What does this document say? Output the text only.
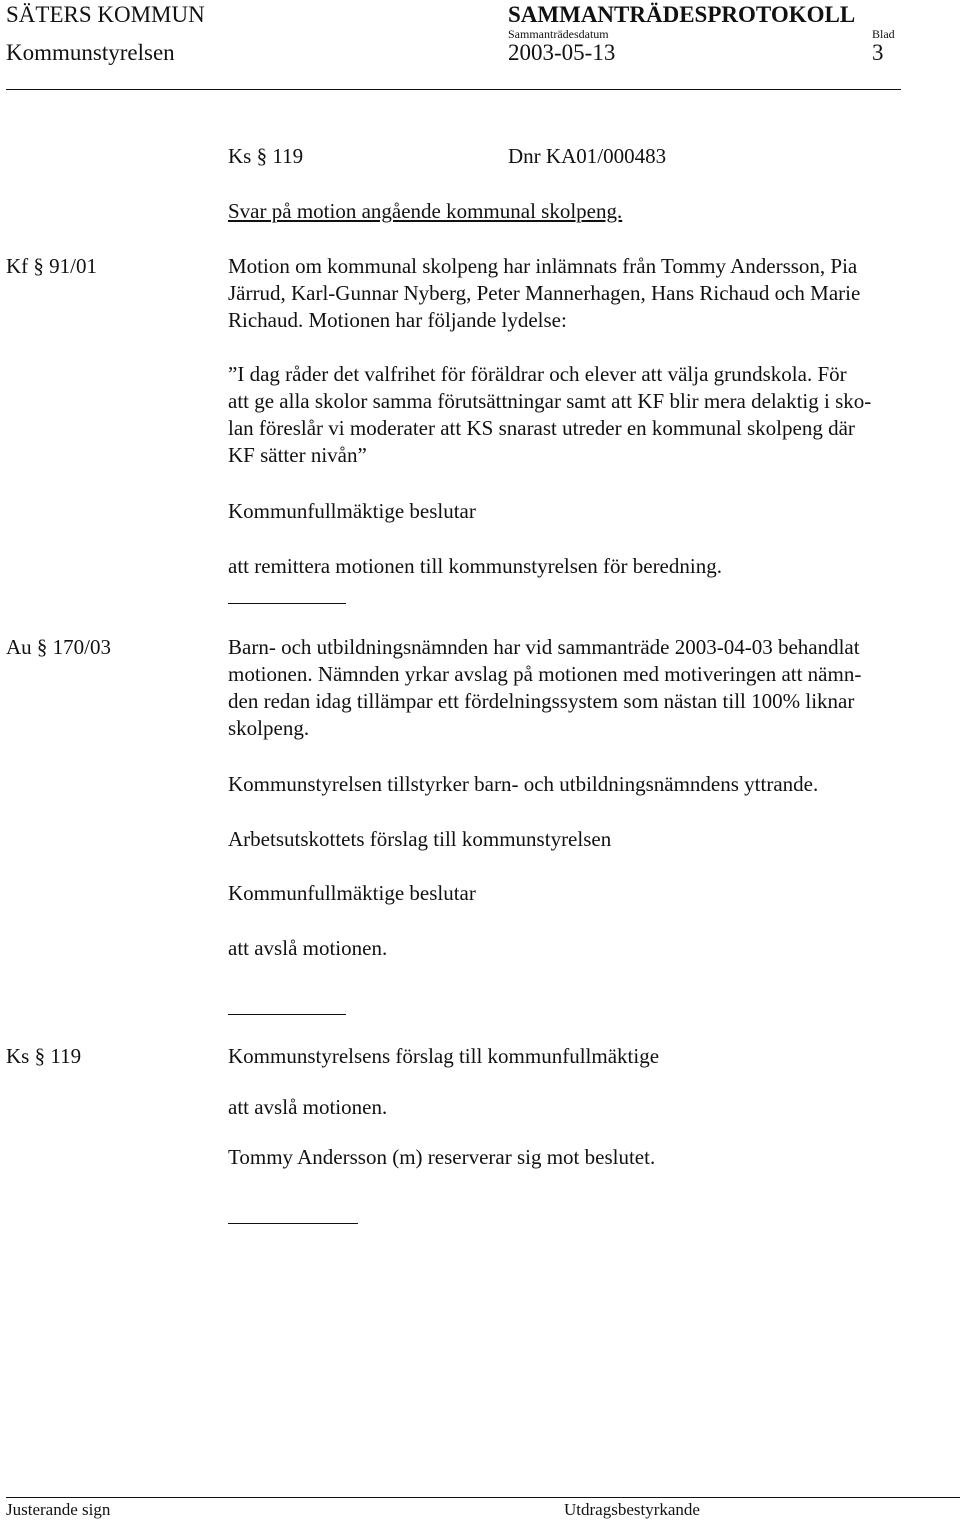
SÄTERS KOMMUN	SAMMANTRÄDESPROTOKOLL
Sammanträdesdatum	Blad
Kommunstyrelsen	2003-05-13	3
Ks § 119	Dnr KA01/000483
Svar på motion angående kommunal skolpeng.
Kf § 91/01	Motion om kommunal skolpeng har inlämnats från Tommy Andersson, Pia
Järrud, Karl-Gunnar Nyberg, Peter Mannerhagen, Hans Richaud och Marie
Richaud. Motionen har följande lydelse:
”I dag råder det valfrihet för föräldrar och elever att välja grundskola. För
att ge alla skolor samma förutsättningar samt att KF blir mera delaktig i sko-
lan föreslår vi moderater att KS snarast utreder en kommunal skolpeng där
KF sätter nivån”
Kommunfullmäktige beslutar
att remittera motionen till kommunstyrelsen för beredning.
Au § 170/03	Barn- och utbildningsnämnden har vid sammanträde 2003-04-03 behandlat
motionen. Nämnden yrkar avslag på motionen med motiveringen att nämn-
den redan idag tillämpar ett fördelningssystem som nästan till 100% liknar
skolpeng.
Kommunstyrelsen tillstyrker barn- och utbildningsnämndens yttrande.
Arbetsutskottets förslag till kommunstyrelsen
Kommunfullmäktige beslutar
att avslå motionen.
Ks § 119	Kommunstyrelsens förslag till kommunfullmäktige
att avslå motionen.
Tommy Andersson (m) reserverar sig mot beslutet.
Justerande sign	Utdragsbestyrkande
